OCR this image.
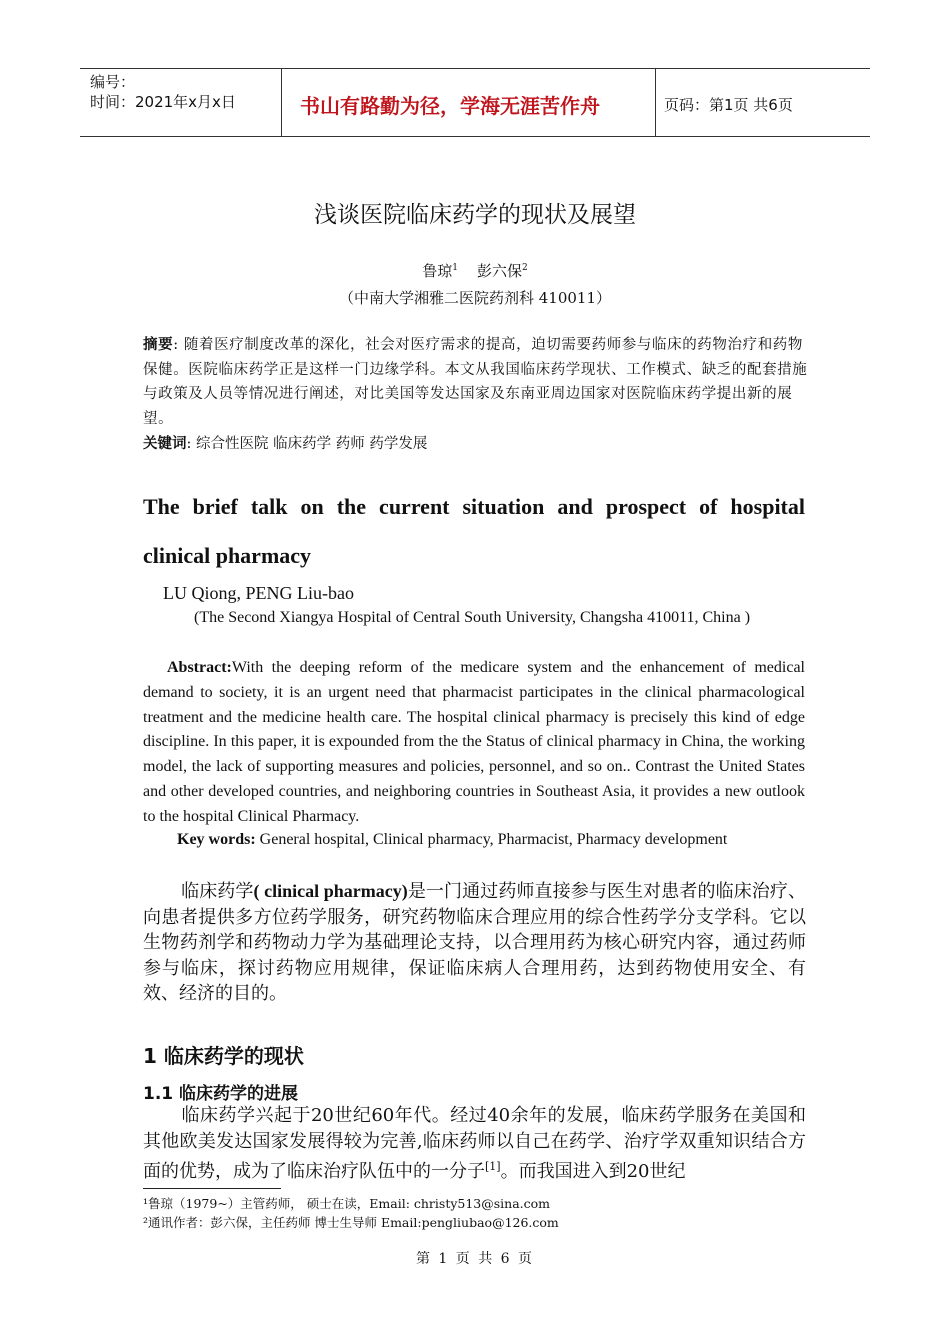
编号：
时间：2021年x月x日	书山有路勤为径，学海无涯苦作舟	页码：第1页 共6页
浅谈医院临床药学的现状及展望
鲁琼$^1$ 彭六保$^2$
（中南大学湘雅二医院药剂科 410011）
摘要: 随着医疗制度改革的深化，社会对医疗需求的提高，迫切需要药师参与临床的药物治疗和药物保健。医院临床药学正是这样一门边缘学科。本文从我国临床药学现状、工作模式、缺乏的配套措施与政策及人员等情况进行阐述，对比美国等发达国家及东南亚周边国家对医院临床药学提出新的展望。
关键词: 综合性医院 临床药学 药师 药学发展
The brief talk on the current situation and prospect of hospital
clinical pharmacy
LU Qiong, PENG Liu-bao
(The Second Xiangya Hospital of Central South University, Changsha 410011, China )
Abstract:With the deeping reform of the medicare system and the enhancement of medical demand to society, it is an urgent need that pharmacist participates in the clinical pharmacological treatment and the medicine health care. The hospital clinical pharmacy is precisely this kind of edge discipline. In this paper, it is expounded from the the Status of clinical pharmacy in China, the working model, the lack of supporting measures and policies, personnel, and so on.. Contrast the United States and other developed countries, and neighboring countries in Southeast Asia, it provides a new outlook to the hospital Clinical Pharmacy.
Key words: General hospital, Clinical pharmacy, Pharmacist, Pharmacy development
临床药学( clinical pharmacy)是一门通过药师直接参与医生对患者的临床治疗、向患者提供多方位药学服务，研究药物临床合理应用的综合性药学分支学科。它以生物药剂学和药物动力学为基础理论支持，以合理用药为核心研究内容，通过药师参与临床，探讨药物应用规律，保证临床病人合理用药，达到药物使用安全、有效、经济的目的。
1 临床药学的现状
1.1 临床药学的进展
临床药学兴起于20世纪60年代。经过40余年的发展，临床药学服务在美国和其他欧美发达国家发展得较为完善,临床药师以自己在药学、治疗学双重知识结合方面的优势，成为了临床治疗队伍中的一分子[1]。而我国进入到20世纪
¹鲁琼（1979~）主管药师， 硕士在读，Email: christy513@sina.com
²通讯作者：彭六保，主任药师 博士生导师 Email:pengliubao@126.com
第 1 页 共 6 页
